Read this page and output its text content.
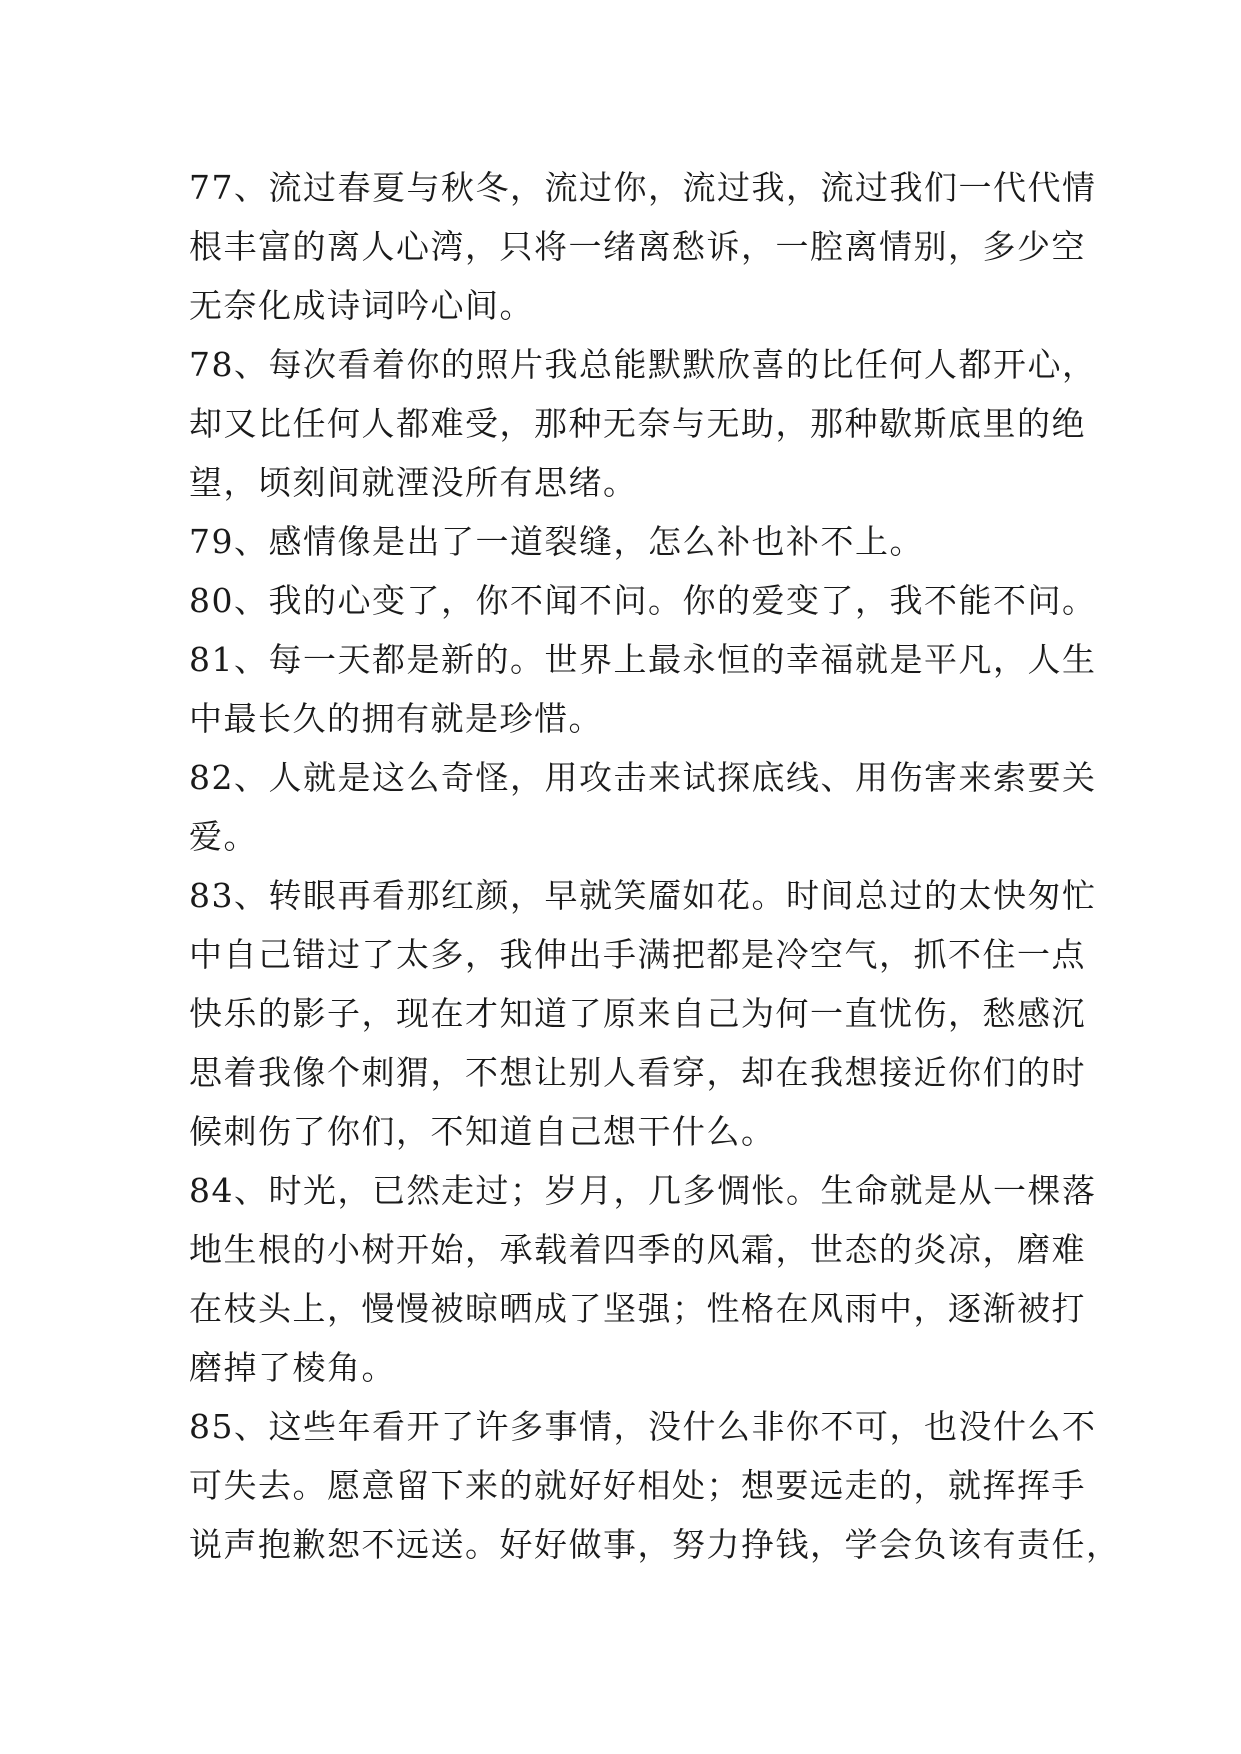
77、流过春夏与秋冬，流过你，流过我，流过我们一代代情
根丰富的离人心湾，只将一绪离愁诉，一腔离情别，多少空
无奈化成诗词吟心间。
78、每次看着你的照片我总能默默欣喜的比任何人都开心，
却又比任何人都难受，那种无奈与无助，那种歇斯底里的绝
望，顷刻间就湮没所有思绪。
79、感情像是出了一道裂缝，怎么补也补不上。
80、我的心变了，你不闻不问。你的爱变了，我不能不问。
81、每一天都是新的。世界上最永恒的幸福就是平凡，人生
中最长久的拥有就是珍惜。
82、人就是这么奇怪，用攻击来试探底线、用伤害来索要关
爱。
83、转眼再看那红颜，早就笑靥如花。时间总过的太快匆忙
中自己错过了太多，我伸出手满把都是冷空气，抓不住一点
快乐的影子，现在才知道了原来自己为何一直忧伤，愁感沉
思着我像个刺猬，不想让别人看穿，却在我想接近你们的时
候刺伤了你们，不知道自己想干什么。
84、时光，已然走过；岁月，几多惆怅。生命就是从一棵落
地生根的小树开始，承载着四季的风霜，世态的炎凉，磨难
在枝头上，慢慢被晾晒成了坚强；性格在风雨中，逐渐被打
磨掉了棱角。
85、这些年看开了许多事情，没什么非你不可，也没什么不
可失去。愿意留下来的就好好相处；想要远走的，就挥挥手
说声抱歉恕不远送。好好做事，努力挣钱，学会负该有责任，
